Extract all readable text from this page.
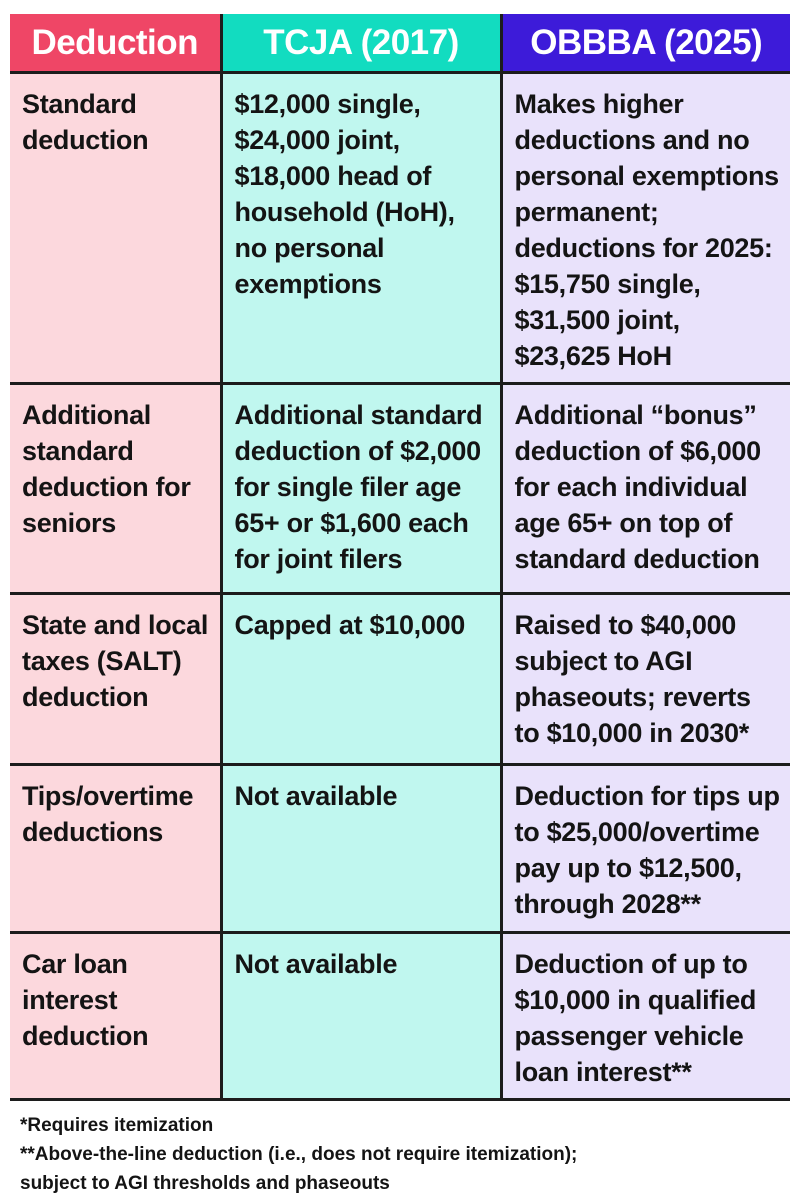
Deduction	TCJA (2017)	OBBBA (2025)
Standard deduction	$12,000 single, $24,000 joint, $18,000 head of household (HoH), no personal exemptions	Makes higher deductions and no personal exemptions permanent; deductions for 2025: $15,750 single, $31,500 joint, $23,625 HoH
Additional standard deduction for seniors	Additional standard deduction of $2,000 for single filer age 65+ or $1,600 each for joint filers	Additional “bonus” deduction of $6,000 for each individual age 65+ on top of standard deduction
State and local taxes (SALT) deduction	Capped at $10,000	Raised to $40,000 subject to AGI phaseouts; reverts to $10,000 in 2030*
Tips/overtime deductions	Not available	Deduction for tips up to $25,000/overtime pay up to $12,500, through 2028**
Car loan interest deduction	Not available	Deduction of up to $10,000 in qualified passenger vehicle loan interest**
*Requires itemization
**Above-the-line deduction (i.e., does not require itemization);
subject to AGI thresholds and phaseouts
